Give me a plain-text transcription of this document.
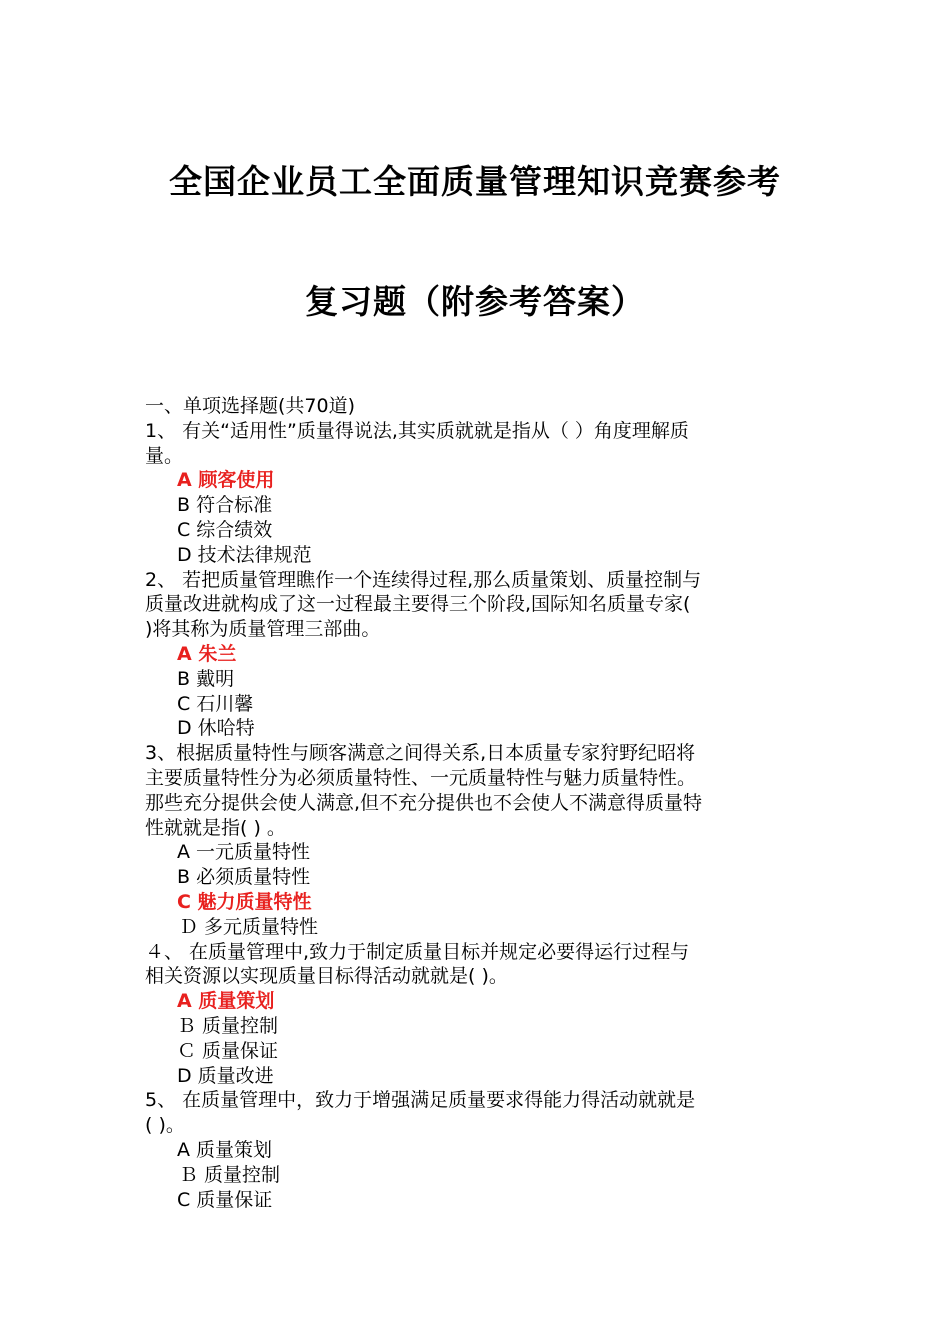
全国企业员工全面质量管理知识竞赛参考
复习题（附参考答案）
一、单项选择题(共70道)
1、 有关“适用性”质量得说法,其实质就就是指从（ ）角度理解质
量。
A 顾客使用
B 符合标准
C 综合绩效
D 技术法律规范
2、 若把质量管理瞧作一个连续得过程,那么质量策划、质量控制与
质量改进就构成了这一过程最主要得三个阶段,国际知名质量专家(
)将其称为质量管理三部曲。
A 朱兰
B 戴明
C 石川馨
D 休哈特
3、根据质量特性与顾客满意之间得关系,日本质量专家狩野纪昭将
主要质量特性分为必须质量特性、一元质量特性与魅力质量特性。
那些充分提供会使人满意,但不充分提供也不会使人不满意得质量特
性就就是指( ) 。
A 一元质量特性
B 必须质量特性
C 魅力质量特性
Ｄ 多元质量特性
４、 在质量管理中,致力于制定质量目标并规定必要得运行过程与
相关资源以实现质量目标得活动就就是( )。
A 质量策划
Ｂ 质量控制
Ｃ 质量保证
D 质量改进
5、 在质量管理中，致力于增强满足质量要求得能力得活动就就是
( )。
A 质量策划
Ｂ 质量控制
C 质量保证
